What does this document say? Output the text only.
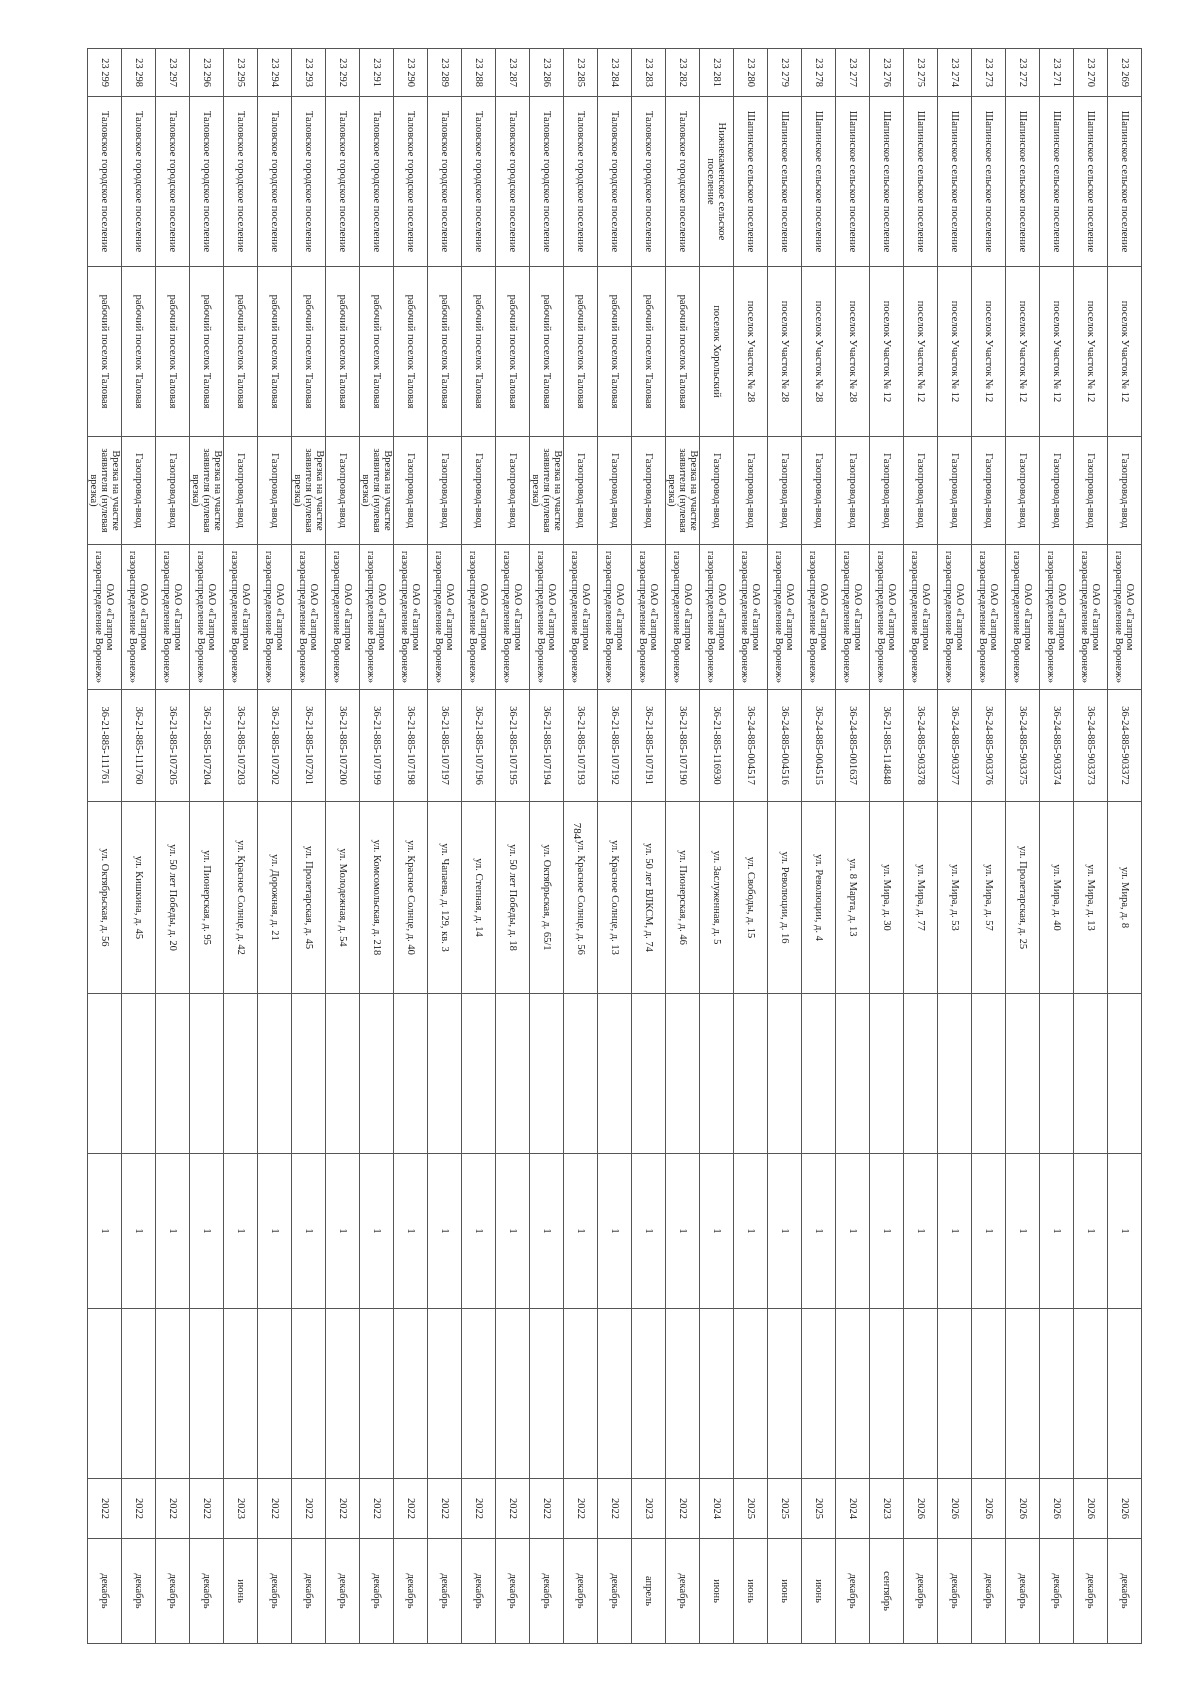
784
23 269	Шапинское сельское поселение	поселок Участок № 12	Газопровод-ввод	ОАО «Газпром газораспределение Воронеж»	36-24-885-903372	ул. Мира, д. 8		1		2026	декабрь
23 270	Шапинское сельское поселение	поселок Участок № 12	Газопровод-ввод	ОАО «Газпром газораспределение Воронеж»	36-24-885-903373	ул. Мира, д. 13		1		2026	декабрь
23 271	Шапинское сельское поселение	поселок Участок № 12	Газопровод-ввод	ОАО «Газпром газораспределение Воронеж»	36-24-885-903374	ул. Мира, д. 40		1		2026	декабрь
23 272	Шапинское сельское поселение	поселок Участок № 12	Газопровод-ввод	ОАО «Газпром газораспределение Воронеж»	36-24-885-903375	ул. Пролетарская, д. 25		1		2026	декабрь
23 273	Шапинское сельское поселение	поселок Участок № 12	Газопровод-ввод	ОАО «Газпром газораспределение Воронеж»	36-24-885-903376	ул. Мира, д. 57		1		2026	декабрь
23 274	Шапинское сельское поселение	поселок Участок № 12	Газопровод-ввод	ОАО «Газпром газораспределение Воронеж»	36-24-885-903377	ул. Мира, д. 53		1		2026	декабрь
23 275	Шапинское сельское поселение	поселок Участок № 12	Газопровод-ввод	ОАО «Газпром газораспределение Воронеж»	36-24-885-903378	ул. Мира, д. 77		1		2026	декабрь
23 276	Шапинское сельское поселение	поселок Участок № 12	Газопровод-ввод	ОАО «Газпром газораспределение Воронеж»	36-21-885-114848	ул. Мира, д. 30		1		2023	сентябрь
23 277	Шапинское сельское поселение	поселок Участок № 28	Газопровод-ввод	ОАО «Газпром газораспределение Воронеж»	36-24-885-001637	ул. 8 Марта, д. 13		1		2024	декабрь
23 278	Шапинское сельское поселение	поселок Участок № 28	Газопровод-ввод	ОАО «Газпром газораспределение Воронеж»	36-24-885-004515	ул. Революции, д. 4		1		2025	июнь
23 279	Шапинское сельское поселение	поселок Участок № 28	Газопровод-ввод	ОАО «Газпром газораспределение Воронеж»	36-24-885-004516	ул. Революции, д. 16		1		2025	июнь
23 280	Шапинское сельское поселение	поселок Участок № 28	Газопровод-ввод	ОАО «Газпром газораспределение Воронеж»	36-24-885-004517	ул. Свободы, д. 15		1		2025	июнь
23 281	Нижнекаменское сельское поселение	поселок Хорольский	Газопровод-ввод	ОАО «Газпром газораспределение Воронеж»	36-21-885-116930	ул. Заслуженная, д. 5		1		2024	июнь
23 282	Таловское городское поселение	рабочий поселок Таловая	Врезка на участке заявителя (нулевая врезка)	ОАО «Газпром газораспределение Воронеж»	36-21-885-107190	ул. Пионерская, д. 46		1		2022	декабрь
23 283	Таловское городское поселение	рабочий поселок Таловая	Газопровод-ввод	ОАО «Газпром газораспределение Воронеж»	36-21-885-107191	ул. 50 лет ВЛКСМ, д. 74		1		2023	апрель
23 284	Таловское городское поселение	рабочий поселок Таловая	Газопровод-ввод	ОАО «Газпром газораспределение Воронеж»	36-21-885-107192	ул. Красное Солнце, д. 13		1		2022	декабрь
23 285	Таловское городское поселение	рабочий поселок Таловая	Газопровод-ввод	ОАО «Газпром газораспределение Воронеж»	36-21-885-107193	ул. Красное Солнце, д. 56		1		2022	декабрь
23 286	Таловское городское поселение	рабочий поселок Таловая	Врезка на участке заявителя (нулевая врезка)	ОАО «Газпром газораспределение Воронеж»	36-21-885-107194	ул. Октябрьская, д. 65/1		1		2022	декабрь
23 287	Таловское городское поселение	рабочий поселок Таловая	Газопровод-ввод	ОАО «Газпром газораспределение Воронеж»	36-21-885-107195	ул. 50 лет Победы, д. 18		1		2022	декабрь
23 288	Таловское городское поселение	рабочий поселок Таловая	Газопровод-ввод	ОАО «Газпром газораспределение Воронеж»	36-21-885-107196	ул. Степная, д. 14		1		2022	декабрь
23 289	Таловское городское поселение	рабочий поселок Таловая	Газопровод-ввод	ОАО «Газпром газораспределение Воронеж»	36-21-885-107197	ул. Чапаева, д. 129, кв. 3		1		2022	декабрь
23 290	Таловское городское поселение	рабочий поселок Таловая	Газопровод-ввод	ОАО «Газпром газораспределение Воронеж»	36-21-885-107198	ул. Красное Солнце, д. 40		1		2022	декабрь
23 291	Таловское городское поселение	рабочий поселок Таловая	Врезка на участке заявителя (нулевая врезка)	ОАО «Газпром газораспределение Воронеж»	36-21-885-107199	ул. Комсомольская, д. 218		1		2022	декабрь
23 292	Таловское городское поселение	рабочий поселок Таловая	Газопровод-ввод	ОАО «Газпром газораспределение Воронеж»	36-21-885-107200	ул. Молодежная, д. 54		1		2022	декабрь
23 293	Таловское городское поселение	рабочий поселок Таловая	Врезка на участке заявителя (нулевая врезка)	ОАО «Газпром газораспределение Воронеж»	36-21-885-107201	ул. Пролетарская, д. 45		1		2022	декабрь
23 294	Таловское городское поселение	рабочий поселок Таловая	Газопровод-ввод	ОАО «Газпром газораспределение Воронеж»	36-21-885-107202	ул. Дорожная, д. 21		1		2022	декабрь
23 295	Таловское городское поселение	рабочий поселок Таловая	Газопровод-ввод	ОАО «Газпром газораспределение Воронеж»	36-21-885-107203	ул. Красное Солнце, д. 42		1		2023	июнь
23 296	Таловское городское поселение	рабочий поселок Таловая	Врезка на участке заявителя (нулевая врезка)	ОАО «Газпром газораспределение Воронеж»	36-21-885-107204	ул. Пионерская, д. 95		1		2022	декабрь
23 297	Таловское городское поселение	рабочий поселок Таловая	Газопровод-ввод	ОАО «Газпром газораспределение Воронеж»	36-21-885-107205	ул. 50 лет Победы, д. 20		1		2022	декабрь
23 298	Таловское городское поселение	рабочий поселок Таловая	Газопровод-ввод	ОАО «Газпром газораспределение Воронеж»	36-21-885-111760	ул. Кишкина, д. 45		1		2022	декабрь
23 299	Таловское городское поселение	рабочий поселок Таловая	Врезка на участке заявителя (нулевая врезка)	ОАО «Газпром газораспределение Воронеж»	36-21-885-111761	ул. Октябрьская, д. 56		1		2022	декабрь
